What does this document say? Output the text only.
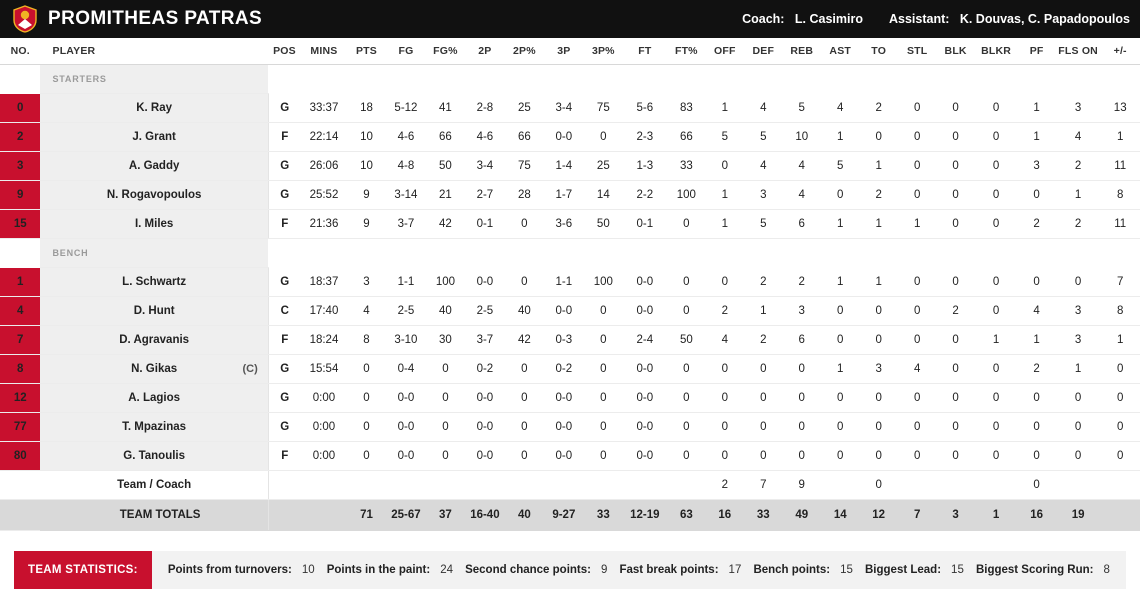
PROMITHEAS PATRAS	Coach: L. Casimiro Assistant: K. Douvas, C. Papadopoulos
NO.	PLAYER	POS	MINS	PTS	FG	FG%	2P	2P%	3P	3P%	FT	FT%	OFF	DEF	REB	AST	TO	STL	BLK	BLKR	PF	FLS ON	+/-
	STARTERS																						
0	K. Ray	G	33:37	18	5-12	41	2-8	25	3-4	75	5-6	83	1	4	5	4	2	0	0	0	1	3	13
2	J. Grant	F	22:14	10	4-6	66	4-6	66	0-0	0	2-3	66	5	5	10	1	0	0	0	0	1	4	1
3	A. Gaddy	G	26:06	10	4-8	50	3-4	75	1-4	25	1-3	33	0	4	4	5	1	0	0	0	3	2	11
9	N. Rogavopoulos	G	25:52	9	3-14	21	2-7	28	1-7	14	2-2	100	1	3	4	0	2	0	0	0	0	1	8
15	I. Miles	F	21:36	9	3-7	42	0-1	0	3-6	50	0-1	0	1	5	6	1	1	1	0	0	2	2	11
	BENCH																						
1	L. Schwartz	G	18:37	3	1-1	100	0-0	0	1-1	100	0-0	0	0	2	2	1	1	0	0	0	0	0	7
4	D. Hunt	C	17:40	4	2-5	40	2-5	40	0-0	0	0-0	0	2	1	3	0	0	0	2	0	4	3	8
7	D. Agravanis	F	18:24	8	3-10	30	3-7	42	0-3	0	2-4	50	4	2	6	0	0	0	0	1	1	3	1
8	N. Gikas (C)	G	15:54	0	0-4	0	0-2	0	0-2	0	0-0	0	0	0	0	1	3	4	0	0	2	1	0
12	A. Lagios	G	0:00	0	0-0	0	0-0	0	0-0	0	0-0	0	0	0	0	0	0	0	0	0	0	0	0
77	T. Mpazinas	G	0:00	0	0-0	0	0-0	0	0-0	0	0-0	0	0	0	0	0	0	0	0	0	0	0	0
80	G. Tanoulis	F	0:00	0	0-0	0	0-0	0	0-0	0	0-0	0	0	0	0	0	0	0	0	0	0	0	0
	Team / Coach												2	7	9		0				0		
	TEAM TOTALS			71	25-67	37	16-40	40	9-27	33	12-19	63	16	33	49	14	12	7	3	1	16	19	
TEAM STATISTICS:	Points from turnovers: 10 Points in the paint: 24 Second chance points: 9 Fast break points: 17 Bench points: 15 Biggest Lead: 15 Biggest Scoring Run: 8
